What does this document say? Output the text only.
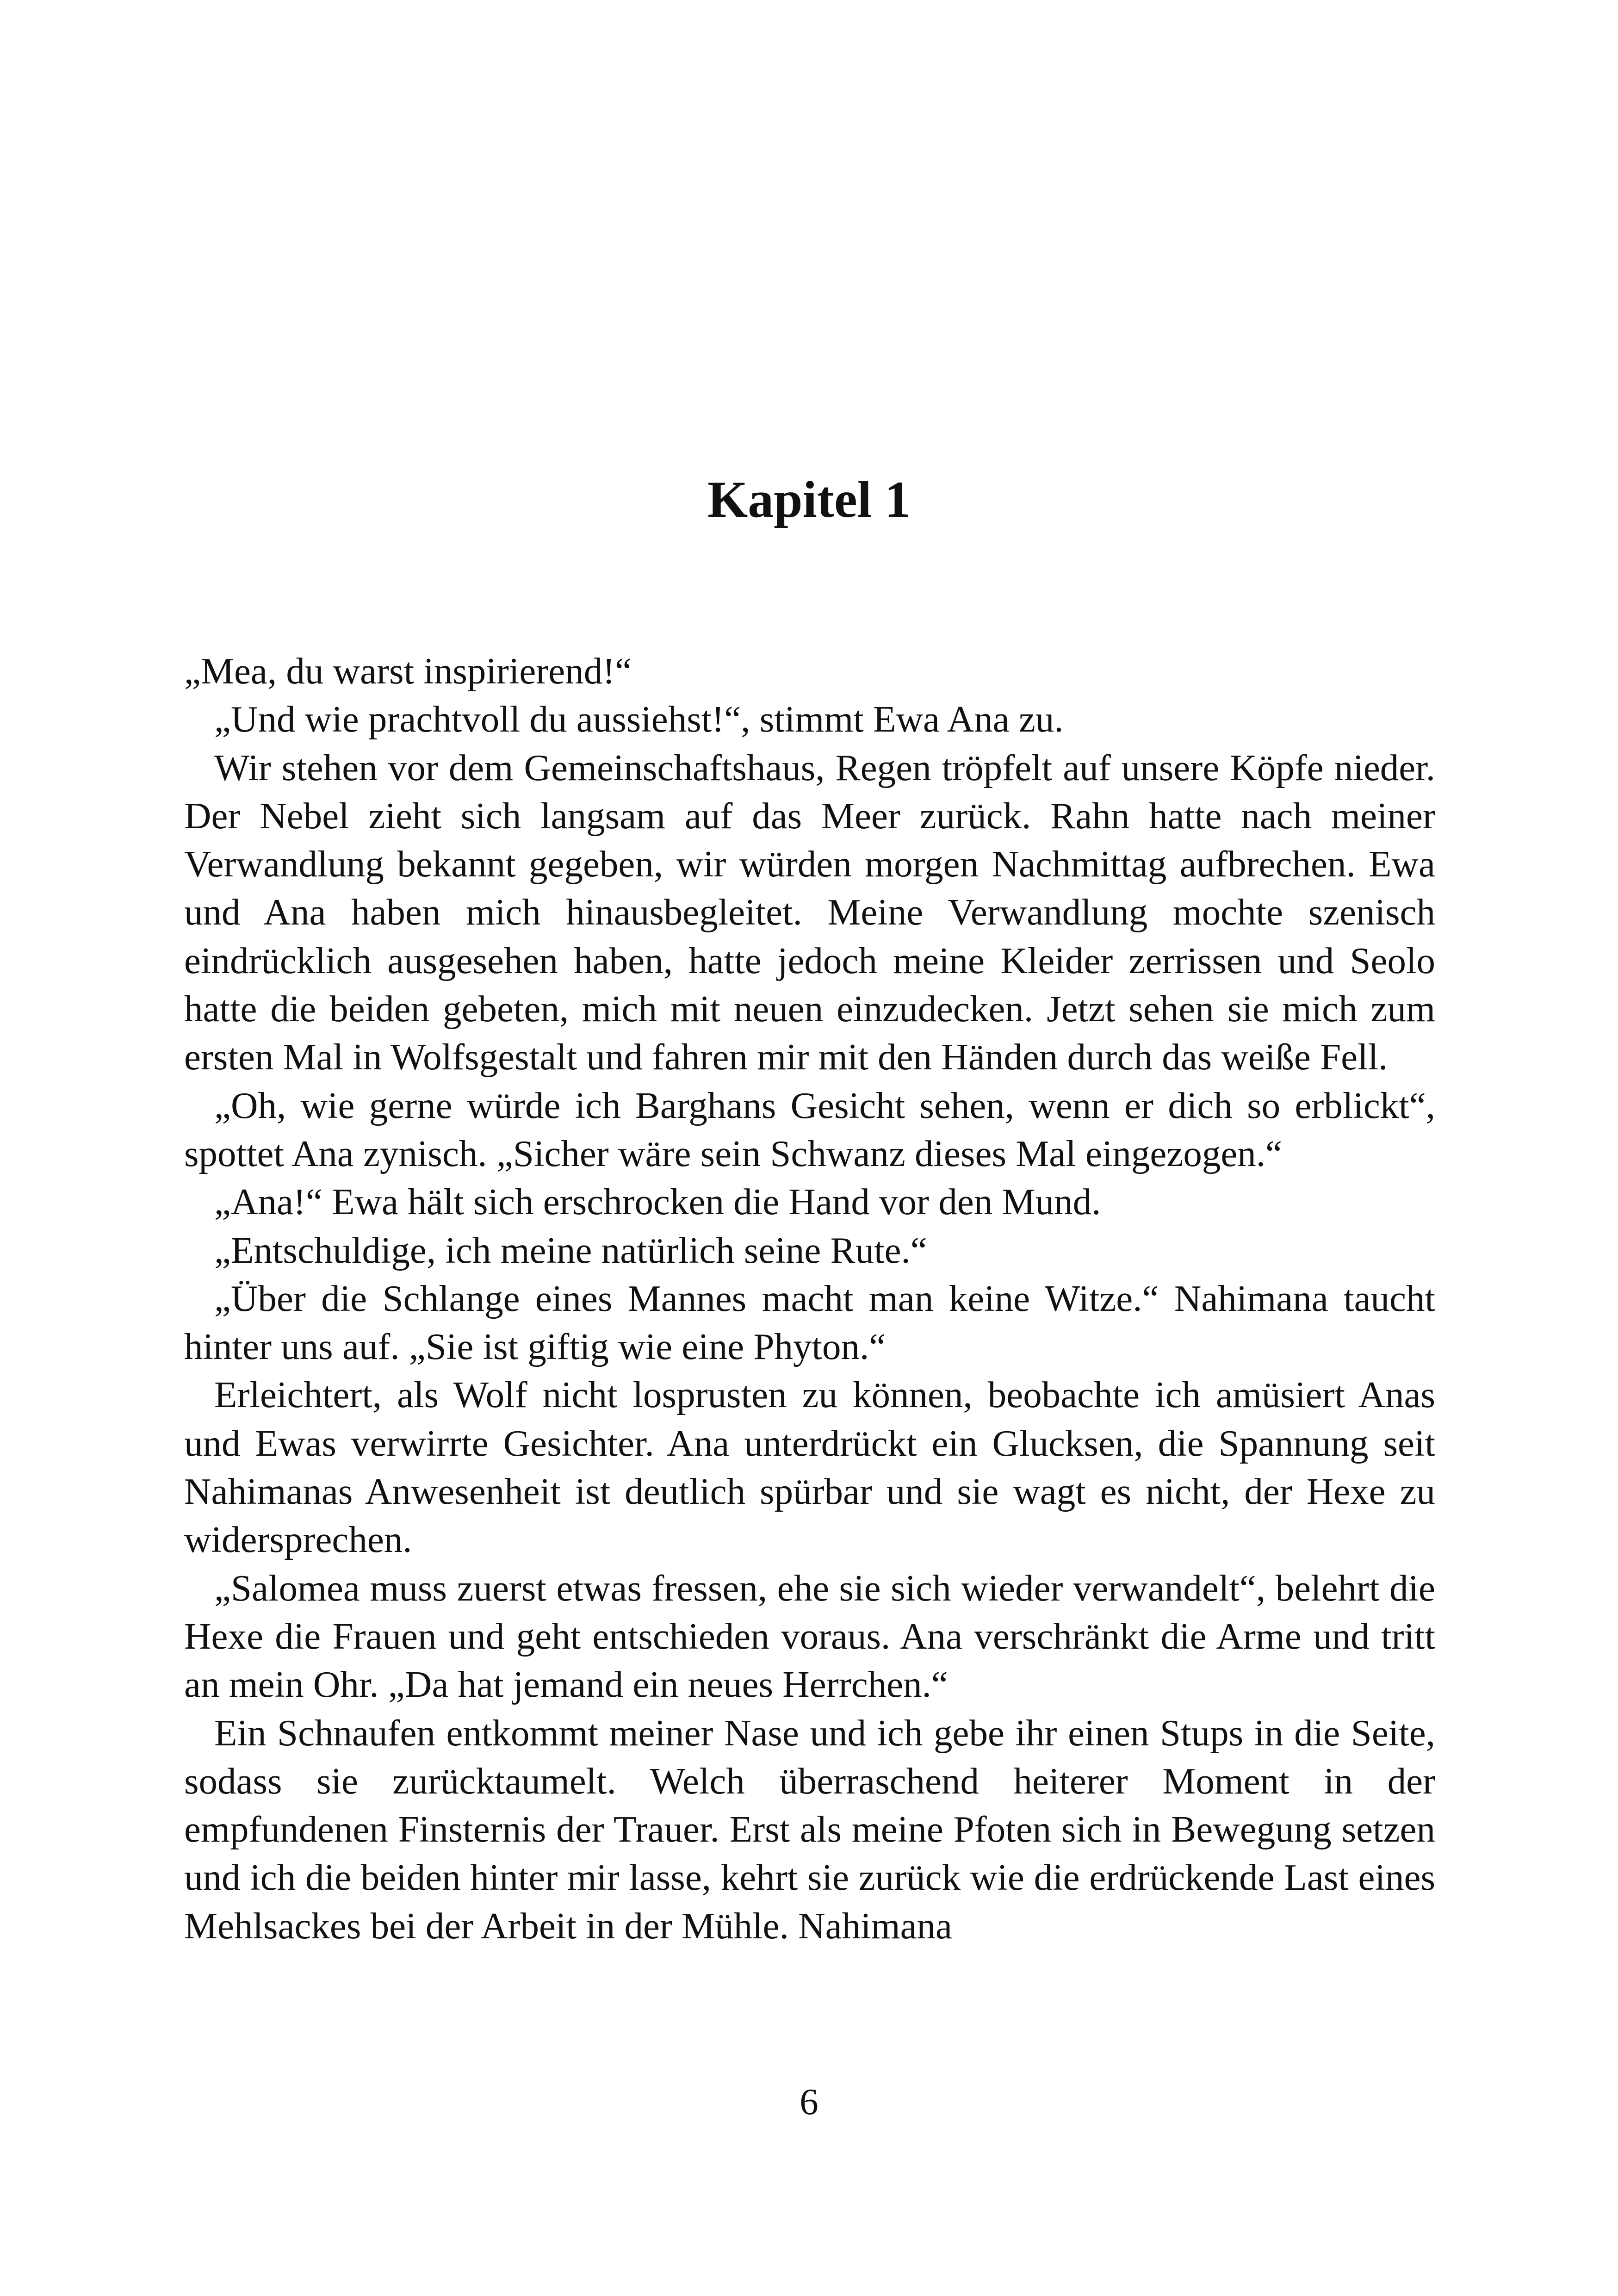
Kapitel 1

„Mea, du warst inspirierend!“

„Und wie prachtvoll du aussiehst!“, stimmt Ewa Ana zu.

Wir stehen vor dem Gemeinschaftshaus, Regen tröpfelt auf unsere Köpfe nieder. Der Nebel zieht sich langsam auf das Meer zurück. Rahn hatte nach meiner Verwandlung bekannt gegeben, wir würden morgen Nachmittag aufbrechen. Ewa und Ana haben mich hinausbegleitet. Meine Verwandlung mochte szenisch eindrücklich ausgesehen haben, hatte jedoch meine Kleider zerrissen und Seolo hatte die beiden gebeten, mich mit neuen einzudecken. Jetzt sehen sie mich zum ersten Mal in Wolfsgestalt und fahren mir mit den Händen durch das weiße Fell.

„Oh, wie gerne würde ich Barghans Gesicht sehen, wenn er dich so erblickt“, spottet Ana zynisch. „Sicher wäre sein Schwanz dieses Mal eingezogen.“

„Ana!“ Ewa hält sich erschrocken die Hand vor den Mund.

„Entschuldige, ich meine natürlich seine Rute.“

„Über die Schlange eines Mannes macht man keine Witze.“ Nahimana taucht hinter uns auf. „Sie ist giftig wie eine Phyton.“

Erleichtert, als Wolf nicht losprusten zu können, beobachte ich amüsiert Anas und Ewas verwirrte Gesichter. Ana unterdrückt ein Glucksen, die Spannung seit Nahimanas Anwesenheit ist deutlich spürbar und sie wagt es nicht, der Hexe zu widersprechen.

„Salomea muss zuerst etwas fressen, ehe sie sich wieder verwandelt“, belehrt die Hexe die Frauen und geht entschieden voraus. Ana verschränkt die Arme und tritt an mein Ohr. „Da hat jemand ein neues Herrchen.“

Ein Schnaufen entkommt meiner Nase und ich gebe ihr einen Stups in die Seite, sodass sie zurücktaumelt. Welch überraschend heiterer Moment in der empfundenen Finsternis der Trauer. Erst als meine Pfoten sich in Bewegung setzen und ich die beiden hinter mir lasse, kehrt sie zurück wie die erdrückende Last eines Mehlsackes bei der Arbeit in der Mühle. Nahimana

6
